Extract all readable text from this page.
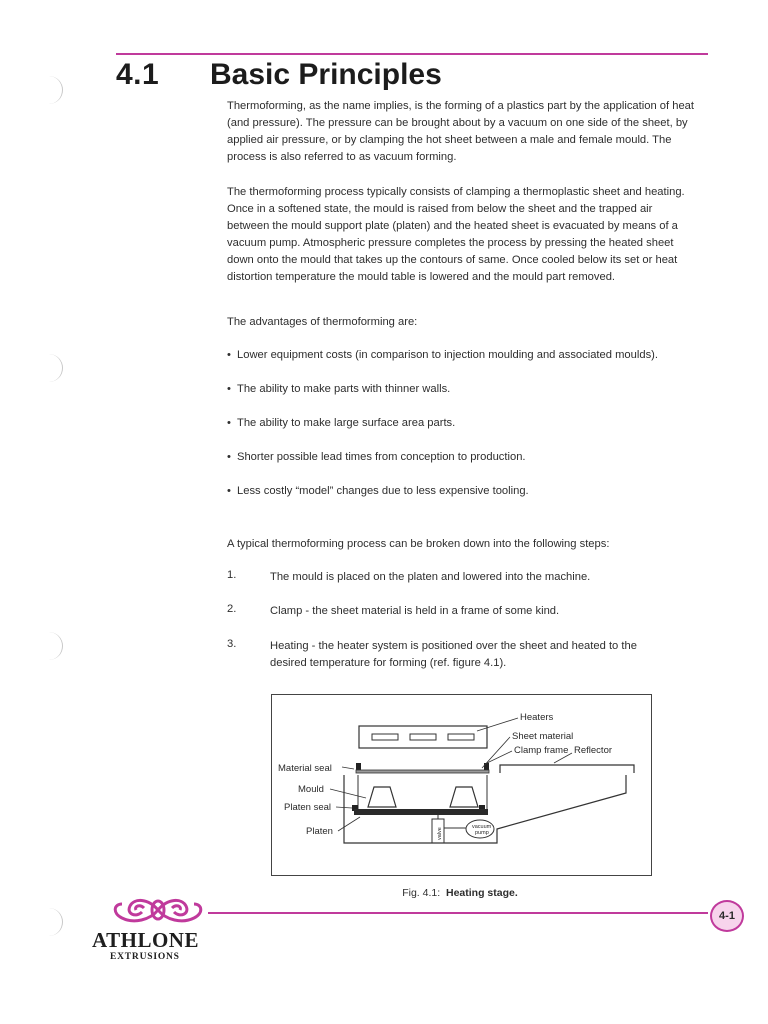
4.1 Basic Principles
Thermoforming, as the name implies, is the forming of a plastics part by the application of heat (and pressure). The pressure can be brought about by a vacuum on one side of the sheet, by applied air pressure, or by clamping the hot sheet between a male and female mould. The process is also referred to as vacuum forming.
The thermoforming process typically consists of clamping a thermoplastic sheet and heating. Once in a softened state, the mould is raised from below the sheet and the trapped air between the mould support plate (platen) and the heated sheet is evacuated by means of a vacuum pump. Atmospheric pressure completes the process by pressing the heated sheet down onto the mould that takes up the contours of same. Once cooled below its set or heat distortion temperature the mould table is lowered and the mould part removed.
The advantages of thermoforming are:
• Lower equipment costs (in comparison to injection moulding and associated moulds).
• The ability to make parts with thinner walls.
• The ability to make large surface area parts.
• Shorter possible lead times from conception to production.
• Less costly “model” changes due to less expensive tooling.
A typical thermoforming process can be broken down into the following steps:
1.	The mould is placed on the platen and lowered into the machine.
2.	Clamp - the sheet material is held in a frame of some kind.
3.	Heating - the heater system is positioned over the sheet and heated to the desired temperature for forming (ref. figure 4.1).
valve
vacuum
pump
Heaters
Sheet material
Clamp frame Reflector
Material seal
Mould
Platen seal
Platen
Fig. 4.1: Heating stage.
4-1
ATHLONE
EXTRUSIONS
